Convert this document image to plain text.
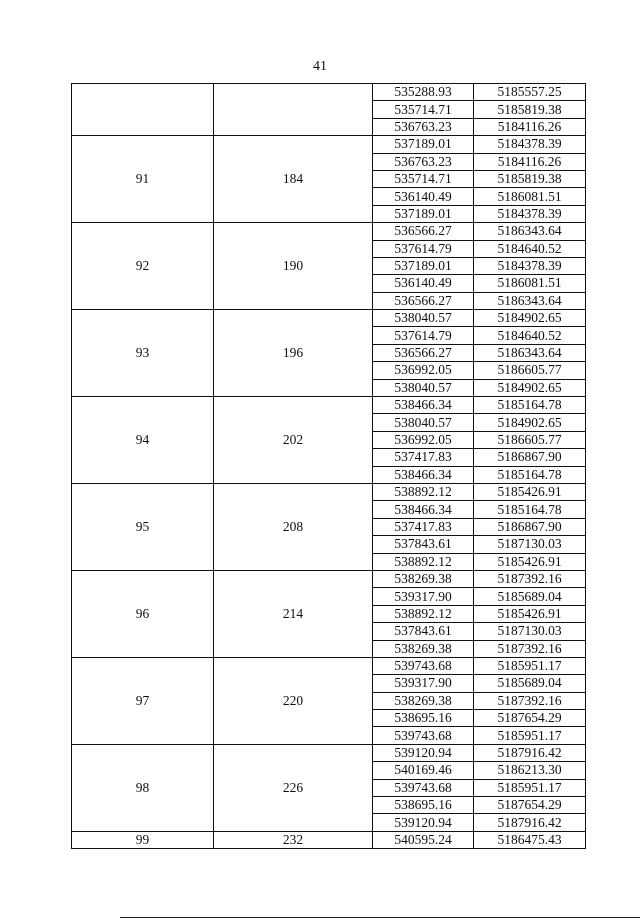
41
		535288.93	5185557.25
		535714.71	5185819.38
		536763.23	5184116.26
91	184	537189.01	5184378.39
		536763.23	5184116.26
		535714.71	5185819.38
		536140.49	5186081.51
		537189.01	5184378.39
92	190	536566.27	5186343.64
		537614.79	5184640.52
		537189.01	5184378.39
		536140.49	5186081.51
		536566.27	5186343.64
93	196	538040.57	5184902.65
		537614.79	5184640.52
		536566.27	5186343.64
		536992.05	5186605.77
		538040.57	5184902.65
94	202	538466.34	5185164.78
		538040.57	5184902.65
		536992.05	5186605.77
		537417.83	5186867.90
		538466.34	5185164.78
95	208	538892.12	5185426.91
		538466.34	5185164.78
		537417.83	5186867.90
		537843.61	5187130.03
		538892.12	5185426.91
96	214	538269.38	5187392.16
		539317.90	5185689.04
		538892.12	5185426.91
		537843.61	5187130.03
		538269.38	5187392.16
97	220	539743.68	5185951.17
		539317.90	5185689.04
		538269.38	5187392.16
		538695.16	5187654.29
		539743.68	5185951.17
98	226	539120.94	5187916.42
		540169.46	5186213.30
		539743.68	5185951.17
		538695.16	5187654.29
		539120.94	5187916.42
99	232	540595.24	5186475.43
